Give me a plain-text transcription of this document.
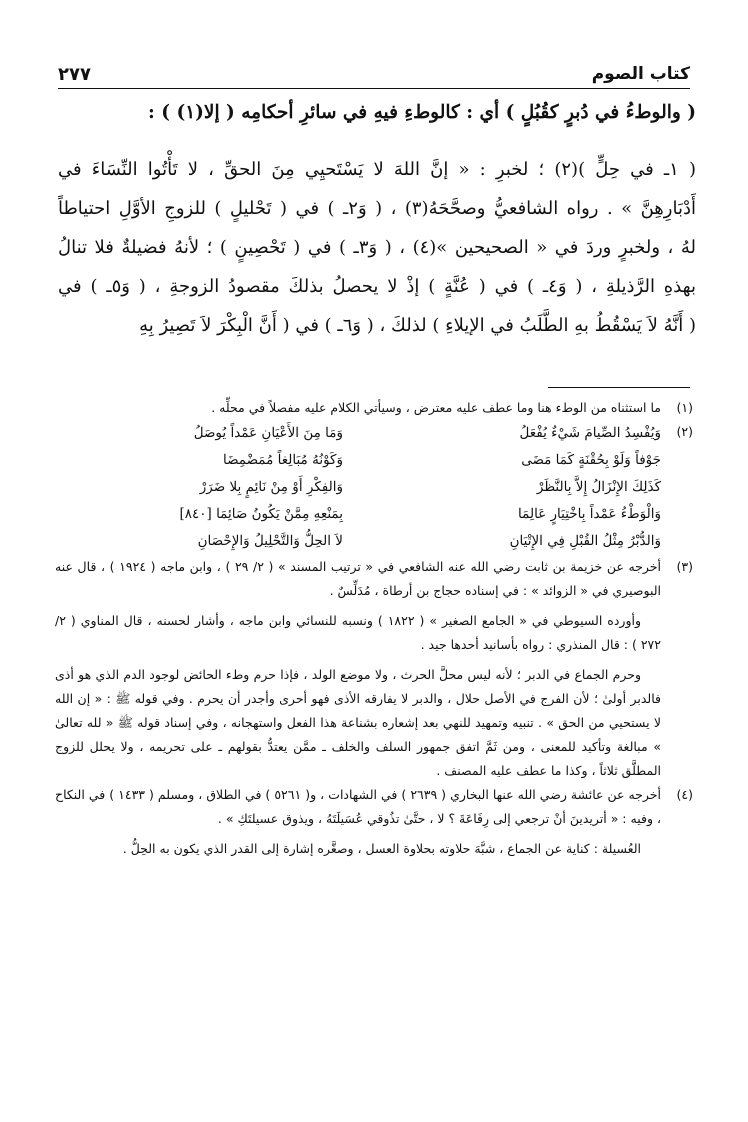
كتاب الصوم
٢٧٧
( والوطءُ في دُبرٍ كقُبُلٍ ) أي : كالوطءِ فيهِ في سائرِ أحكامِه ( إلا(١) ) :

( ١ـ في حِلٍّ )(٢) ؛ لخبرِ : « إنَّ اللهَ لا يَسْتَحيِي مِنَ الحقِّ ، لا تَأْتُوا النِّسَاءَ في

أَدْبَارِهِنَّ » . رواه الشافعيُّ وصحَّحَهُ(٣) ، ( وَ٢ـ ) في ( تَحْليلٍ ) للزوجِ الأوَّلِ احتياطاً

لهُ ، ولخبرٍ وردَ في « الصحيحين »(٤) ، ( وَ٣ـ ) في ( تَحْصِينٍ ) ؛ لأنهُ فضيلةٌ فلا تنالُ

بهذهِ الرَّذيلةِ ، ( وَ٤ـ ) في ( عُنَّةٍ ) إذْ لا يحصلُ بذلكَ مقصودُ الزوجةِ ، ( وَ٥ـ ) في

( أَنَّهُ لاَ يَسْقُطُ بهِ الطَّلَبُ في الإيلاءِ ) لذلكَ ، ( وَ٦ـ ) في ( أَنَّ الْبِكْرَ لاَ تَصِيرُ بِهِ

(١)

ما استثناه من الوطء هنا وما عطف عليه معترض ، وسيأتي الكلام عليه مفصلاً في محلِّه .

(٢)
وَيُفْسِدُ الصِّيامَ شَيْءٌ يُفْعَلُ
وَمَا مِنَ الأَعْيَانِ عَمْداً يُوصَلُ
جَوْفاً وَلَوْ بِحُقْنَةٍ كَمَا مَضَى
وَكَوْنُهُ مُبَالِغاً مُمَضْمِضَا
كَذَلِكَ الإِنْزَالُ إِلاَّ بِالنَّظَرْ
وَالفِكْرِ أَوْ مِنْ نَائِمٍ بِلا ضَرَرْ
وَالْوَطْءُ عَمْداً بِاخْتِيَارٍ عَالِمَا
بِمَنْعِهِ مِمَّنْ يَكُونُ صَائِمَا [٨٤٠]
وَالدُّبْرُ مِثْلُ القُبْلِ فِي الإِتْيَانِ
لاَ الحِلُّ وَالتَّحْلِيلُ وَالإِحْصَانِ
(٣)

أخرجه عن خزيمة بن ثابت رضي الله عنه الشافعي في « ترتيب المسند » ( ٢/ ٢٩ ) ، وابن ماجه ( ١٩٢٤ ) ، قال عنه البوصيري في « الزوائد » : في إسناده حجاج بن أرطاة ، مُدَلِّسٌ .

وأورده السيوطي في « الجامع الصغير » ( ١٨٢٢ ) ونسبه للنسائي وابن ماجه ، وأشار لحسنه ، قال المناوي ( ٢/ ٢٧٢ ) : قال المنذري : رواه بأسانيد أحدها جيد .

وحرم الجماع في الدبر ؛ لأنه ليس محلَّ الحرث ، ولا موضع الولد ، فإذا حرم وطء الحائض لوجود الدم الذي هو أذى فالدبر أولىٰ ؛ لأن الفرج في الأصل حلال ، والدبر لا يفارقه الأذى فهو أحرى وأجدر أن يحرم . وفي قوله ﷺ : « إن الله لا يستحيي من الحق » . تنبيه وتمهيد للنهي بعد إشعاره بشناعة هذا الفعل واستهجانه ، وفي إسناد قوله ﷺ « لله تعالىٰ » مبالغة وتأكيد للمعنى ، ومن ثَمَّ اتفق جمهور السلف والخلف ـ ممَّن يعتدُّ بقولهم ـ على تحريمه ، ولا يحلل للزوج المطلَّق ثلاثاً ، وكذا ما عطف عليه المصنف .

(٤)

أخرجه عن عائشة رضي الله عنها البخاري ( ٢٦٣٩ ) في الشهادات ، و( ٥٢٦١ ) في الطلاق ، ومسلم ( ١٤٣٣ ) في النكاح ، وفيه : « أتريدينَ أنْ ترجعي إلى رِفَاعَةَ ؟ لا ، حتَّىٰ تذُوقي عُسَيلَتَهُ ، ويذوق عسيلتَكِ » .

العُسيلة : كناية عن الجماع ، شبَّهَ حلاوته بحلاوة العسل ، وصغَّره إشارة إلى القدر الذي يكون به الحِلُّ .
